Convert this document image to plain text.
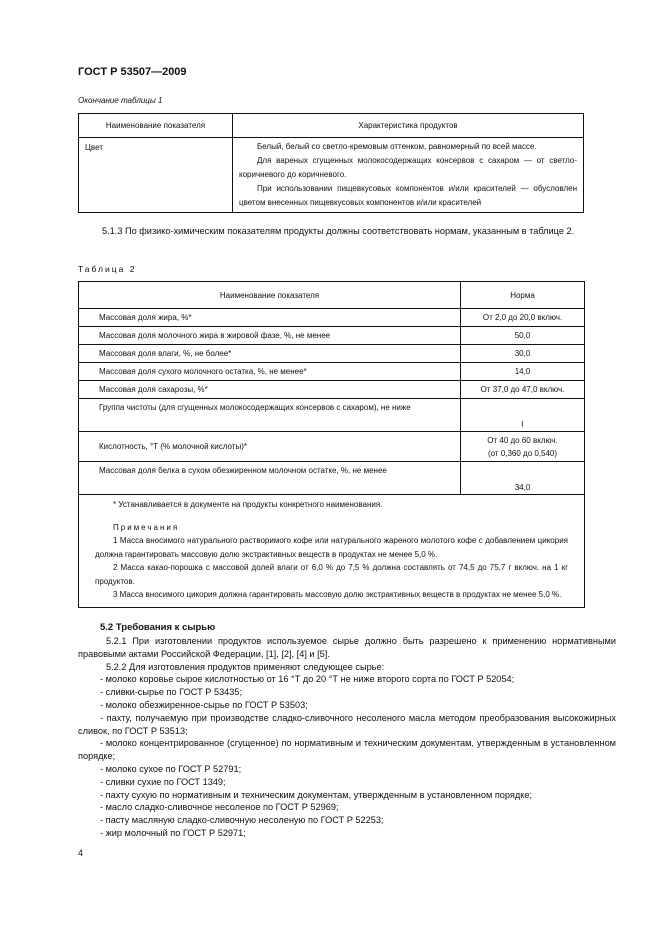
ГОСТ Р 53507—2009
Окончание таблицы 1
Наименование показателя	Характеристика продуктов
Цвет	Белый, белый со светло-кремовым оттенком, равномерный по всей массе.

Для вареных сгущенных молокосодержащих консервов с сахаром — от светло-коричневого до коричневого.

При использовании пищевкусовых компонентов и/или красителей — обусловлен цветом внесенных пищевкусовых компонентов и/или красителей

5.1.3 По физико-химическим показателям продукты должны соответствовать нормам, указанным в таблице 2.
Таблица 2
Наименование показателя	Норма
Массовая доля жира, %*	От 2,0 до 20,0 включ.
Массовая доля молочного жира в жировой фазе, %, не менее	50,0
Массовая доля влаги, %, не более*	30,0
Массовая доля сухого молочного остатка, %, не менее*	14,0
Массовая доля сахарозы, %*	От 37,0 до 47,0 включ.
Группа чистоты (для сгущенных молокосодержащих консервов с сахаром), не ниже	I
Кислотность, °Т (% молочной кислоты)*	От 40 до 60 включ.
(от 0,360 до 0,540)

Массовая доля белка в сухом обезжиренном молочном остатке, %, не менее	34,0

* Устанавливается в документе на продукты конкретного наименования.

Примечания

1 Масса вносимого натурального растворимого кофе или натурального жареного молотого кофе с добавлением цикория должна гарантировать массовую долю экстрактивных веществ в продуктах не менее 5,0 %.

2 Масса какао-порошка с массовой долей влаги от 6,0 % до 7,5 % должна составлять от 74,5 до 75,7 г включ. на 1 кг продуктов.

3 Масса вносимого цикория должна гарантировать массовую долю экстрактивных веществ в продуктах не менее 5,0 %.	

5.2 Требования к сырью

5.2.1 При изготовлении продуктов используемое сырье должно быть разрешено к применению нормативными правовыми актами Российской Федерации, [1], [2], [4] и [5].

5.2.2 Для изготовления продуктов применяют следующее сырье:

- молоко коровье сырое кислотностью от 16 °Т до 20 °Т не ниже второго сорта по ГОСТ Р 52054;

- сливки-сырье по ГОСТ Р 53435;

- молоко обезжиренное-сырье по ГОСТ Р 53503;

- пахту, получаемую при производстве сладко-сливочного несоленого масла методом преобразования высокожирных сливок, по ГОСТ Р 53513;

- молоко концентрированное (сгущенное) по нормативным и техническим документам, утвержденным в установленном порядке;

- молоко сухое по ГОСТ Р 52791;

- сливки сухие по ГОСТ 1349;

- пахту сухую по нормативным и техническим документам, утвержденным в установленном порядке;

- масло сладко-сливочное несоленое по ГОСТ Р 52969;

- пасту масляную сладко-сливочную несоленую по ГОСТ Р 52253;

- жир молочный по ГОСТ Р 52971;

4
